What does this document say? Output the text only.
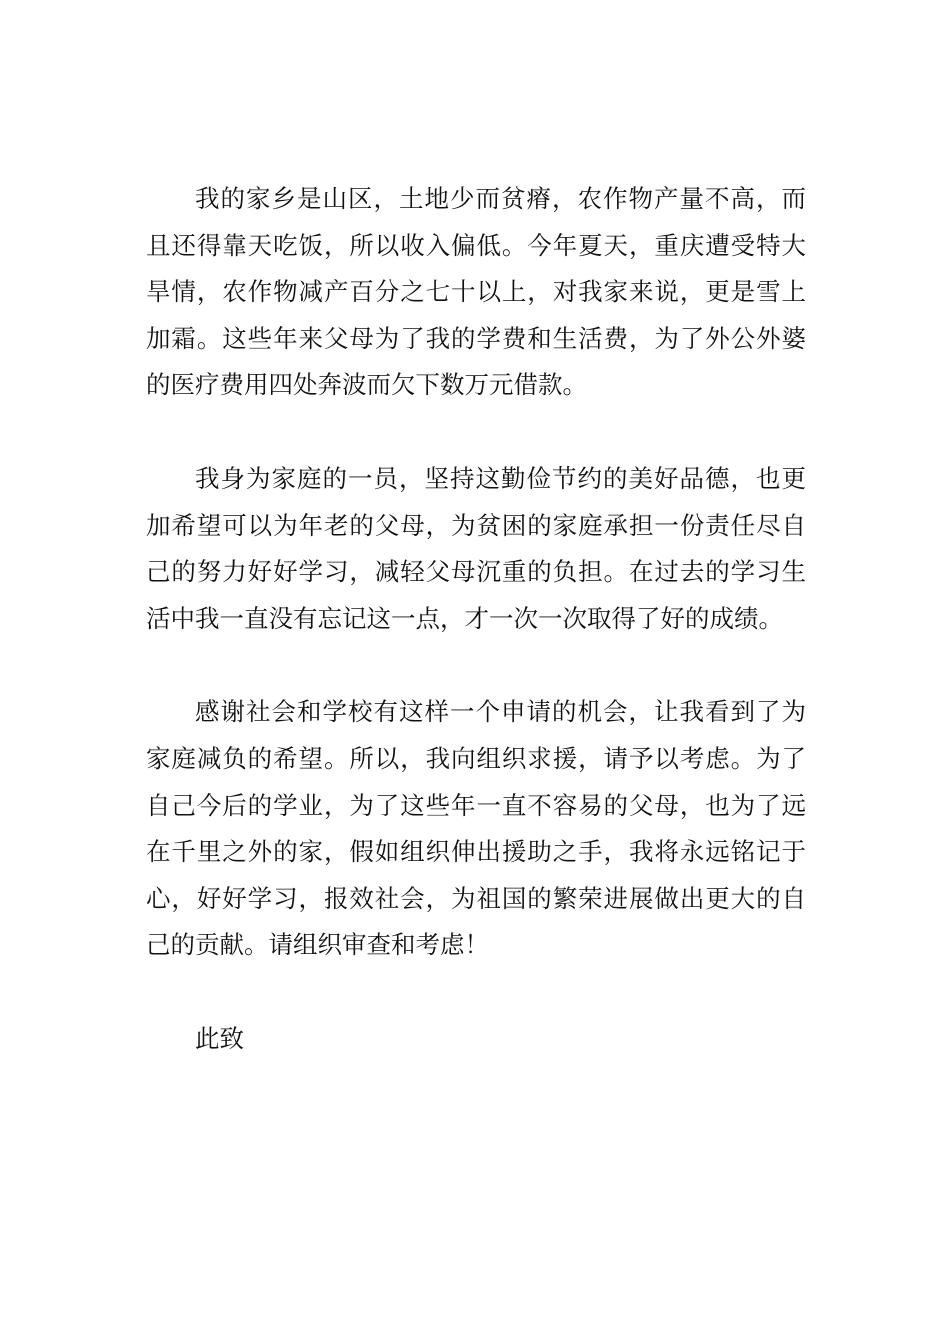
我的家乡是山区，土地少而贫瘠，农作物产量不高，而且还得靠天吃饭，所以收入偏低。今年夏天，重庆遭受特大旱情，农作物减产百分之七十以上，对我家来说，更是雪上加霜。这些年来父母为了我的学费和生活费，为了外公外婆的医疗费用四处奔波而欠下数万元借款。

我身为家庭的一员，坚持这勤俭节约的美好品德，也更加希望可以为年老的父母，为贫困的家庭承担一份责任尽自己的努力好好学习，减轻父母沉重的负担。在过去的学习生活中我一直没有忘记这一点，才一次一次取得了好的成绩。

感谢社会和学校有这样一个申请的机会，让我看到了为家庭减负的希望。所以，我向组织求援，请予以考虑。为了自己今后的学业，为了这些年一直不容易的父母，也为了远在千里之外的家，假如组织伸出援助之手，我将永远铭记于心，好好学习，报效社会，为祖国的繁荣进展做出更大的自己的贡献。请组织审查和考虑！

此致
